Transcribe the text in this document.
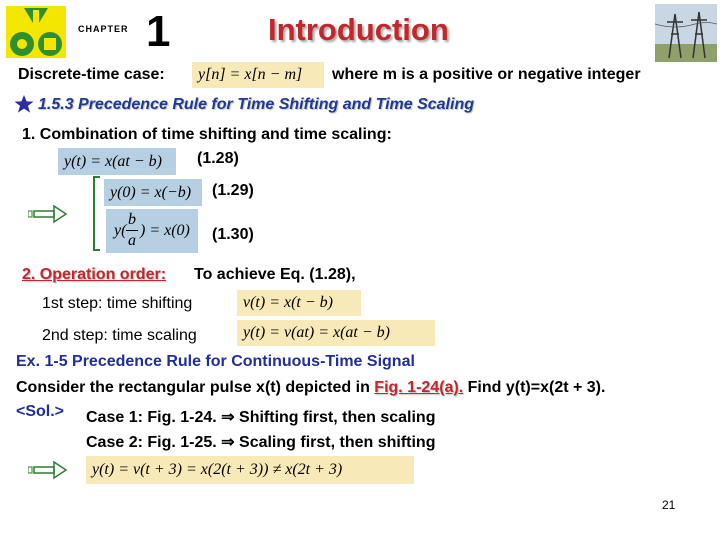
CHAPTER 1	Introduction
Discrete-time case:	y[n] = x[n − m]	where m is a positive or negative integer
1.5.3 Precedence Rule for Time Shifting and Time Scaling
1. Combination of time shifting and time scaling:
y(t) = x(at − b)	(1.28)
y(0) = x(−b)	(1.29)
y(
b
a
) = x(0) (1.30)
2. Operation order: To achieve Eq. (1.28),
1st step: time shifting	v(t) = x(t − b)
2nd step: time scaling	y(t) = v(at) = x(at − b)
Ex. 1-5 Precedence Rule for Continuous-Time Signal
Consider the rectangular pulse x(t) depicted in Fig. 1-24(a). Find y(t)=x(2t + 3).
<Sol.> Case 1: Fig. 1-24. ⇒ Shifting first, then scaling
Case 2: Fig. 1-25. ⇒ Scaling first, then shifting
y(t) = v(t + 3) = x(2(t + 3)) ≠ x(2t + 3)
21
